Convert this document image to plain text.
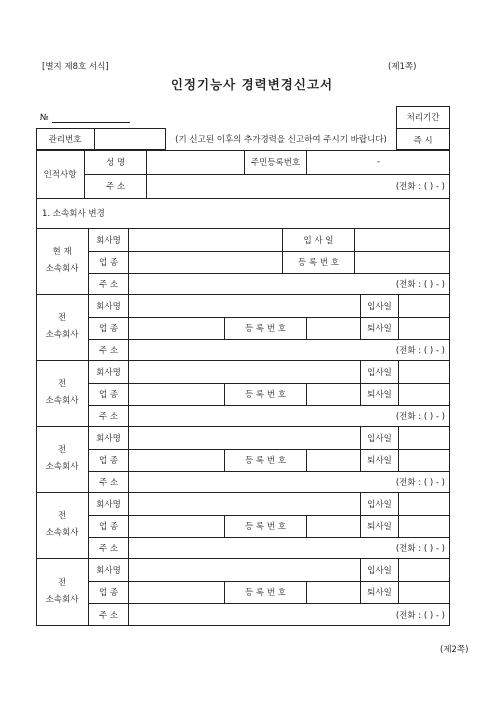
[별지 제8호 서식]	(제1쪽)
인정기능사 경력변경신고서
№	처리기간
즉 시
관리번호	(기 신고된 이후의 추가경력을 신고하여 주시기 바랍니다)
인적사항
성 명	주민등록번호	-
주 소	(전화 : ( ) - )
1. 소속회사 변경
현 재
소속회사
회사명	입 사 일
업 종	등 록 번 호
주 소	(전화 : ( ) - )
전
소속회사
회사명	입사일
업 종	등 록 번 호	퇴사일
주 소	(전화 : ( ) - )
전
소속회사
회사명	입사일
업 종	등 록 번 호	퇴사일
주 소	(전화 : ( ) - )
전
소속회사
회사명	입사일
업 종	등 록 번 호	퇴사일
주 소	(전화 : ( ) - )
전
소속회사
회사명	입사일
업 종	등 록 번 호	퇴사일
주 소	(전화 : ( ) - )
전
소속회사
회사명	입사일
업 종	등 록 번 호	퇴사일
주 소	(전화 : ( ) - )
(제2쪽)
